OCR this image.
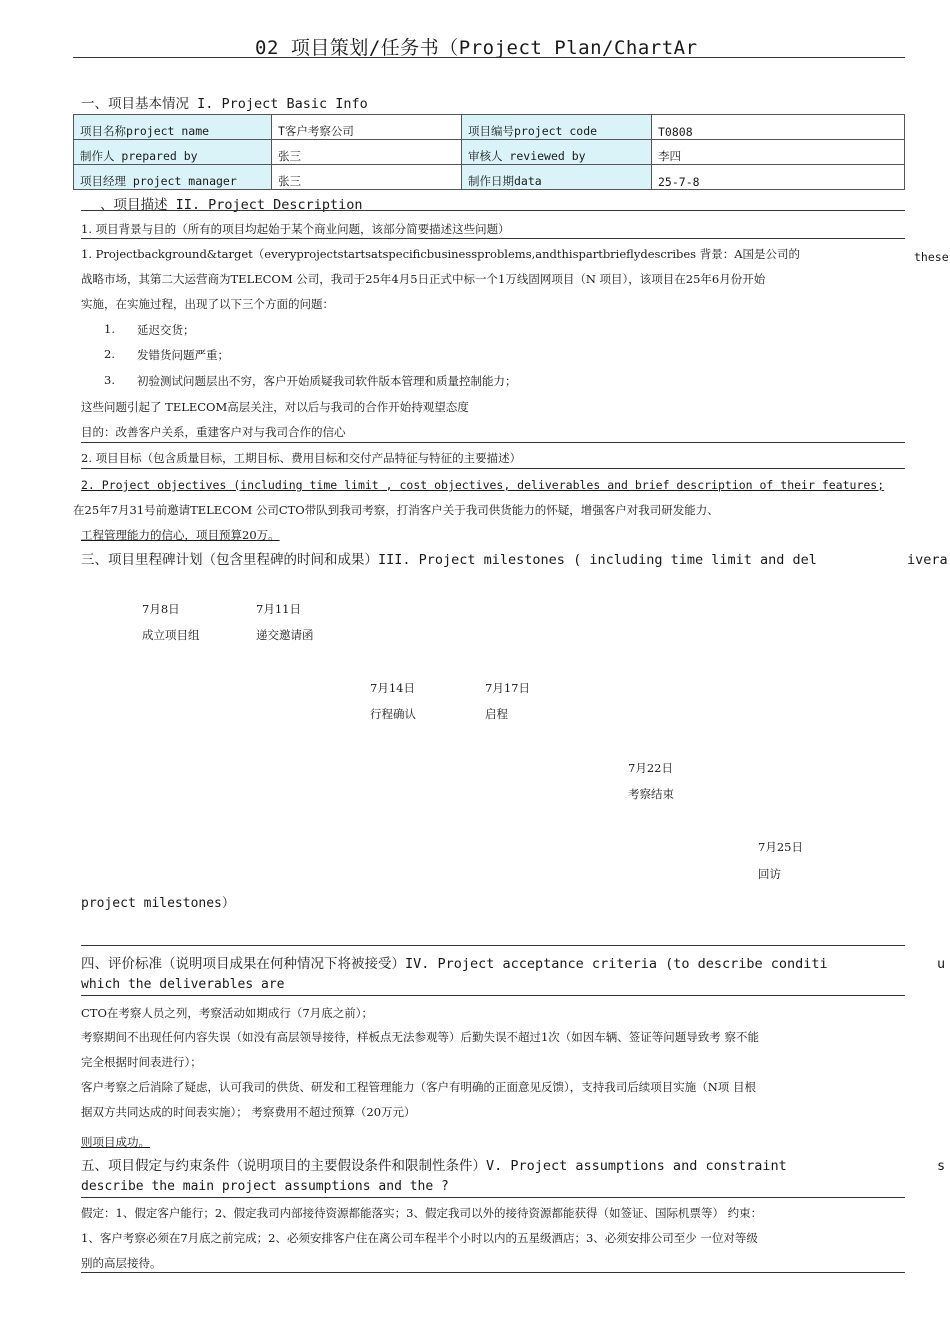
02 项目策划/任务书（Project Plan/ChartAr
一、项目基本情况 I. Project Basic Info
项目名称project name	T客户考察公司	项目编号project code	T0808
制作人 prepared by	张三	审核人 reviewed by	李四
项目经理 project manager	张三	制作日期data	25-7-8
、项目描述 II. Project Description
1. 项目背景与目的（所有的项目均起始于某个商业问题，该部分简要描述这些问题）
1. Projectbackground&target（everyprojectstartsatspecificbusinessproblems,andthispartbrieflydescribes 背景：A国是公司的	these
战略市场，其第二大运营商为TELECOM 公司，我司于25年4月5日正式中标一个1万线固网项目（N 项目），该项目在25年6月份开始
实施，在实施过程，出现了以下三个方面的问题：
1. 延迟交货；
2. 发错货问题严重；
3. 初验测试问题层出不穷，客户开始质疑我司软件版本管理和质量控制能力；
这些问题引起了 TELECOM高层关注，对以后与我司的合作开始持观望态度
目的：改善客户关系，重建客户对与我司合作的信心
2. 项目目标（包含质量目标，工期目标、费用目标和交付产品特征与特征的主要描述）
2. Project objectives (including time limit , cost objectives, deliverables and brief description of their features;
在25年7月31号前邀请TELECOM 公司CTO带队到我司考察，打消客户关于我司供货能力的怀疑，增强客户对我司研发能力、
工程管理能力的信心，项目预算20万。
三、项目里程碑计划（包含里程碑的时间和成果）III. Project milestones ( including time limit and del	ivera
7月8日
成立项目组
7月11日
递交邀请函
7月14日
行程确认
7月17日
启程
7月22日
考察结束
7月25日
回访
project milestones）
四、评价标准（说明项目成果在何种情况下将被接受）IV. Project acceptance criteria (to describe conditi	u
which the deliverables are
CTO在考察人员之列，考察活动如期成行（7月底之前）；
考察期间不出现任何内容失误（如没有高层领导接待，样板点无法参观等）后勤失误不超过1次（如因车辆、签证等问题导致考 察不能
完全根据时间表进行）；
客户考察之后消除了疑虑，认可我司的供货、研发和工程管理能力（客户有明确的正面意见反馈），支持我司后续项目实施（N项 目根
据双方共同达成的时间表实施）； 考察费用不超过预算（20万元）
则项目成功。
五、项目假定与约束条件（说明项目的主要假设条件和限制性条件）V. Project assumptions and constraint	s
describe the main project assumptions and the ?
假定：1、假定客户能行；2、假定我司内部接待资源都能落实；3、假定我司以外的接待资源都能获得（如签证、国际机票等） 约束：
1、客户考察必须在7月底之前完成；2、必须安排客户住在离公司车程半个小时以内的五星级酒店；3、必须安排公司至少 一位对等级
别的高层接待。
